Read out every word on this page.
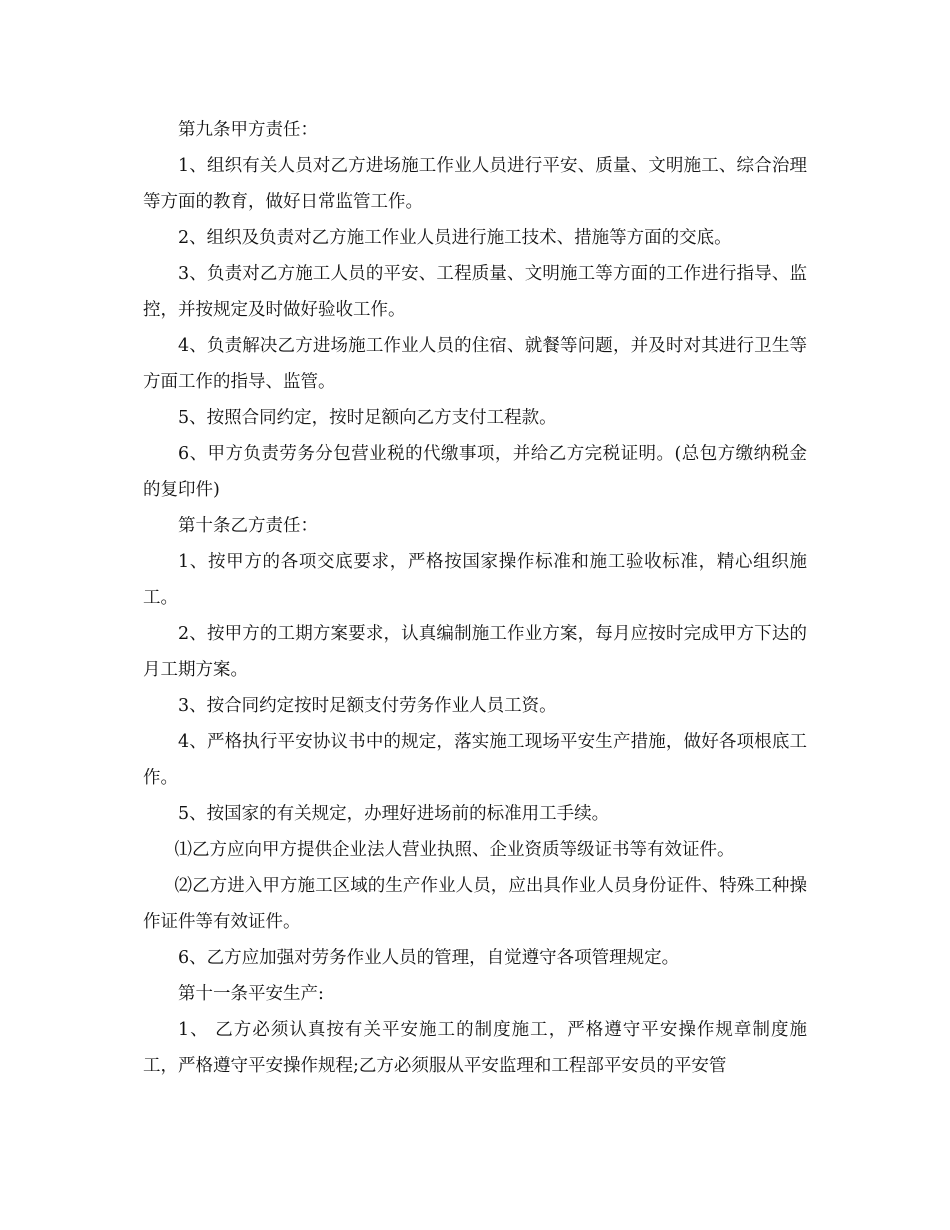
第九条甲方责任：

1、组织有关人员对乙方进场施工作业人员进行平安、质量、文明施工、综合治理等方面的教育，做好日常监管工作。

2、组织及负责对乙方施工作业人员进行施工技术、措施等方面的交底。

3、负责对乙方施工人员的平安、工程质量、文明施工等方面的工作进行指导、监控，并按规定及时做好验收工作。

4、负责解决乙方进场施工作业人员的住宿、就餐等问题，并及时对其进行卫生等方面工作的指导、监管。

5、按照合同约定，按时足额向乙方支付工程款。

6、甲方负责劳务分包营业税的代缴事项，并给乙方完税证明。(总包方缴纳税金的复印件)

第十条乙方责任：

1、按甲方的各项交底要求，严格按国家操作标准和施工验收标准，精心组织施工。

2、按甲方的工期方案要求，认真编制施工作业方案，每月应按时完成甲方下达的月工期方案。

3、按合同约定按时足额支付劳务作业人员工资。

4、严格执行平安协议书中的规定，落实施工现场平安生产措施，做好各项根底工作。

5、按国家的有关规定，办理好进场前的标准用工手续。

⑴乙方应向甲方提供企业法人营业执照、企业资质等级证书等有效证件。

⑵乙方进入甲方施工区域的生产作业人员，应出具作业人员身份证件、特殊工种操作证件等有效证件。

6、乙方应加强对劳务作业人员的管理，自觉遵守各项管理规定。

第十一条平安生产:

1、 乙方必须认真按有关平安施工的制度施工，严格遵守平安操作规章制度施工，严格遵守平安操作规程;乙方必须服从平安监理和工程部平安员的平安管
